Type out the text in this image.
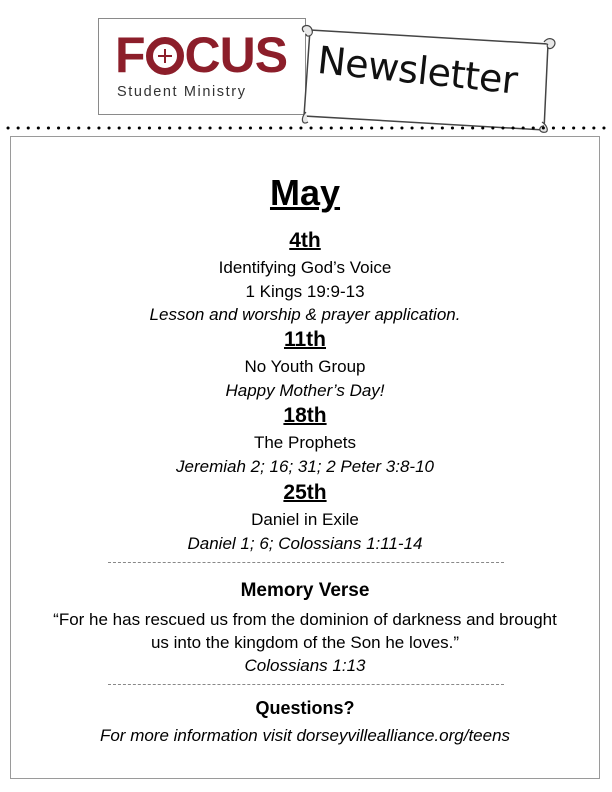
F CUS
Student Ministry Newsletter
May
4th
Identifying God’s Voice
1 Kings 19:9-13
Lesson and worship & prayer application.
11th
No Youth Group
Happy Mother’s Day!
18th
The Prophets
Jeremiah 2; 16; 31; 2 Peter 3:8-10
25th
Daniel in Exile
Daniel 1; 6; Colossians 1:11-14
Memory Verse
“For he has rescued us from the dominion of darkness and brought
us into the kingdom of the Son he loves.”
Colossians 1:13
Questions?
For more information visit dorseyvillealliance.org/teens
